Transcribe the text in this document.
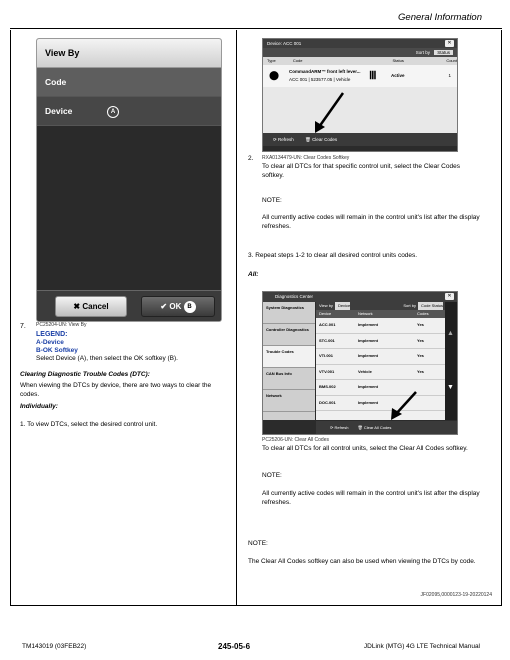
General Information
View By
Code
Device	A
✖ Cancel	✔ OK B
7. PC25204-UN: View By
LEGEND:
A-Device
B-OK Softkey
Select Device (A), then select the OK softkey (B).
Clearing Diagnostic Trouble Codes (DTC):
When viewing the DTCs by device, there are two ways to clear the codes.
Individually:
1. To view DTCs, select the desired control unit.
Device: ACC 001	✕
Sort by Status
Type	Code	Status	Count
⬤ CommandARM™ front left lever...
ACC 001 | 523577.05 | Vehicle Ⅲ	Active	1
⟳ Refresh	🗑 Clear Codes
2. RXA0134479-UN: Clear Codes Softkey
To clear all DTCs for that specific control unit, select the Clear Codes softkey.
NOTE:
All currently active codes will remain in the control unit's list after the display refreshes.
3. Repeat steps 1-2 to clear all desired control units codes.
All:
Diagnostics Center	✕
System Diagnostics
Controller Diagnostics
Trouble Codes
CAN Bus Info
Network
View by	Device	Sort by	Code Status
Device	Network	Codes
ACC.001	Implement	Yes
STC.001	Implement	Yes
VTI.001	Implement	Yes
VTV.001	Vehicle	Yes
BMS.002	Implement
DOC.001	Implement
▲
▼
⟳ Refresh 🗑 Clear All Codes
PC25206-UN: Clear All Codes
To clear all DTCs for all control units, select the Clear All Codes softkey.
NOTE:
All currently active codes will remain in the control unit's list after the display refreshes.
NOTE:
The Clear All Codes softkey can also be used when viewing the DTCs by code.
JF02095,0000123-19-20220124
TM143019 (03FEB22)	245-05-6	JDLink (MTG) 4G LTE Technical Manual
